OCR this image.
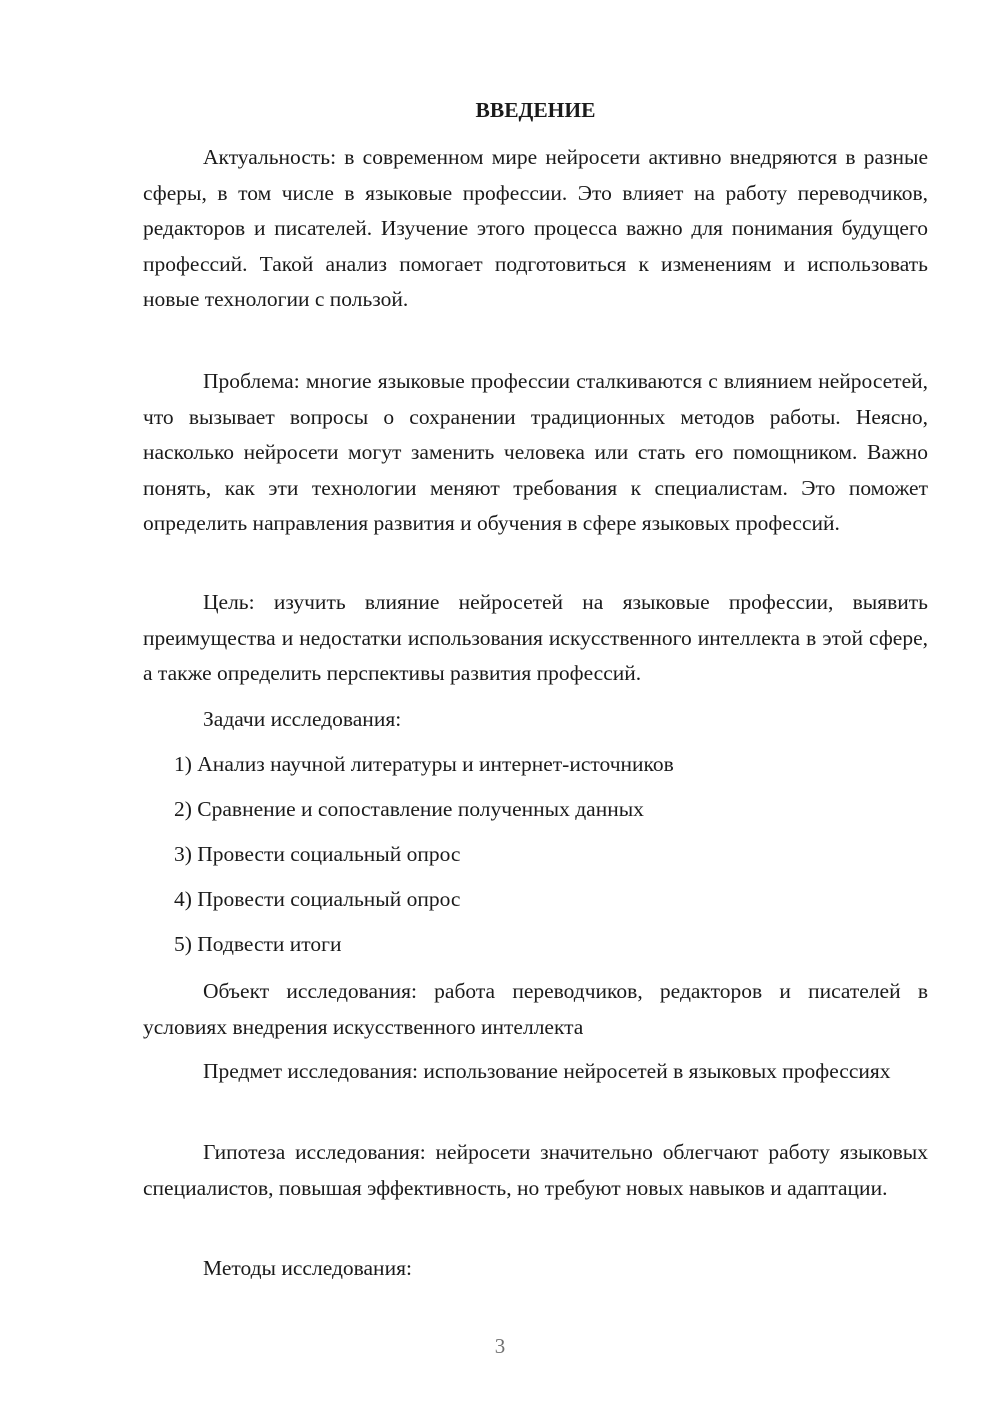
ВВЕДЕНИЕ
Актуальность: в современном мире нейросети активно внедряются в разные сферы, в том числе в языковые профессии. Это влияет на работу переводчиков, редакторов и писателей. Изучение этого процесса важно для понимания будущего профессий. Такой анализ помогает подготовиться к изменениям и использовать новые технологии с пользой.
Проблема: многие языковые профессии сталкиваются с влиянием нейросетей, что вызывает вопросы о сохранении традиционных методов работы. Неясно, насколько нейросети могут заменить человека или стать его помощником. Важно понять, как эти технологии меняют требования к специалистам. Это поможет определить направления развития и обучения в сфере языковых профессий.
Цель: изучить влияние нейросетей на языковые профессии, выявить преимущества и недостатки использования искусственного интеллекта в этой сфере, а также определить перспективы развития профессий.
Задачи исследования:
1) Анализ научной литературы и интернет-источников
2) Сравнение и сопоставление полученных данных
3) Провести социальный опрос
4) Провести социальный опрос
5) Подвести итоги
Объект исследования: работа переводчиков, редакторов и писателей в условиях внедрения искусственного интеллекта
Предмет исследования: использование нейросетей в языковых профессиях
Гипотеза исследования: нейросети значительно облегчают работу языковых специалистов, повышая эффективность, но требуют новых навыков и адаптации.
Методы исследования:
3
